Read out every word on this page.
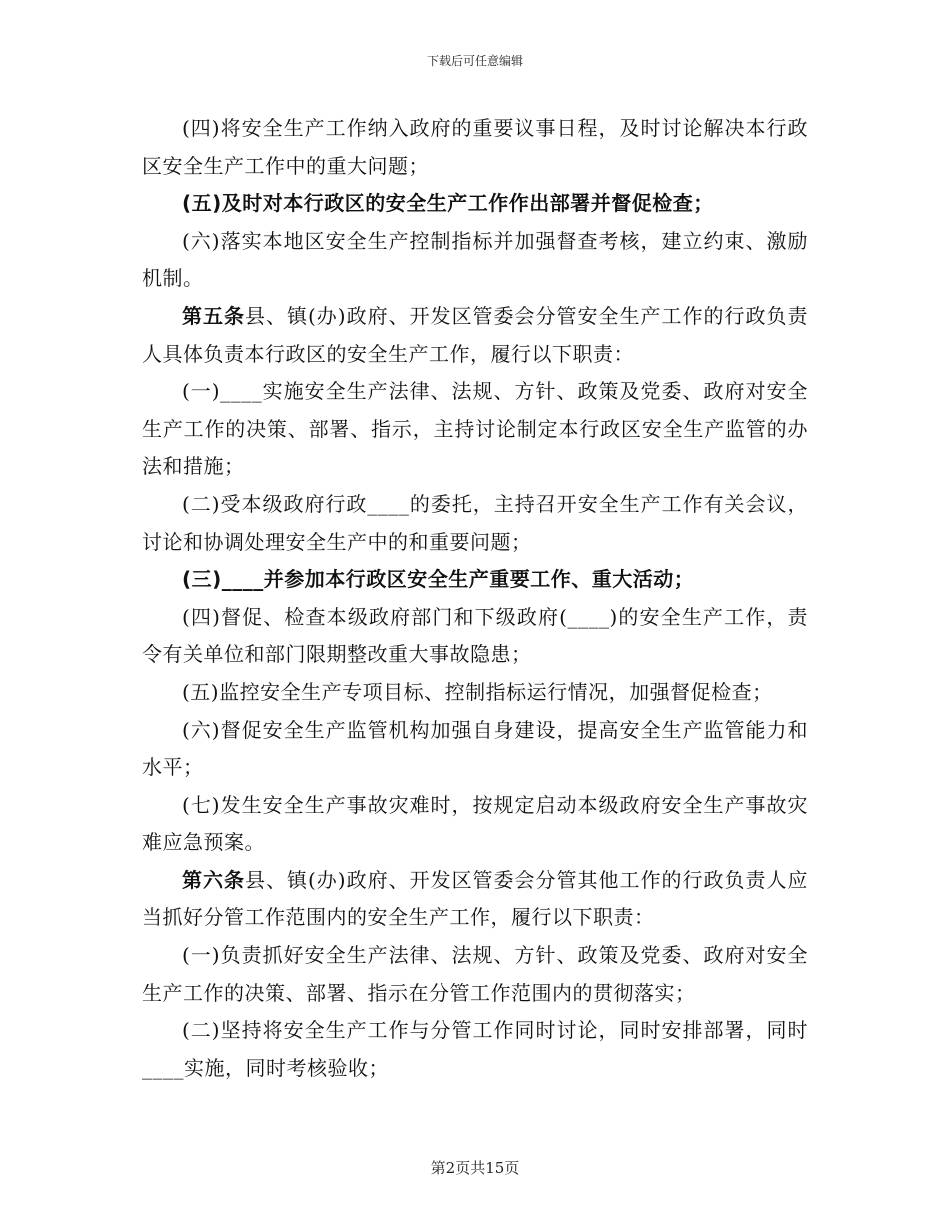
下载后可任意编辑

(四)将安全生产工作纳入政府的重要议事日程，及时讨论解决本行政区安全生产工作中的重大问题；

(五)及时对本行政区的安全生产工作作出部署并督促检查；

(六)落实本地区安全生产控制指标并加强督查考核，建立约束、激励机制。

第五条县、镇(办)政府、开发区管委会分管安全生产工作的行政负责人具体负责本行政区的安全生产工作，履行以下职责：

(一)____实施安全生产法律、法规、方针、政策及党委、政府对安全生产工作的决策、部署、指示，主持讨论制定本行政区安全生产监管的办法和措施；

(二)受本级政府行政____的委托，主持召开安全生产工作有关会议，讨论和协调处理安全生产中的和重要问题；

(三)____并参加本行政区安全生产重要工作、重大活动；

(四)督促、检查本级政府部门和下级政府(____)的安全生产工作，责令有关单位和部门限期整改重大事故隐患；

(五)监控安全生产专项目标、控制指标运行情况，加强督促检查；

(六)督促安全生产监管机构加强自身建设，提高安全生产监管能力和水平；

(七)发生安全生产事故灾难时，按规定启动本级政府安全生产事故灾难应急预案。

第六条县、镇(办)政府、开发区管委会分管其他工作的行政负责人应当抓好分管工作范围内的安全生产工作，履行以下职责：

(一)负责抓好安全生产法律、法规、方针、政策及党委、政府对安全生产工作的决策、部署、指示在分管工作范围内的贯彻落实；

(二)坚持将安全生产工作与分管工作同时讨论，同时安排部署，同时____实施，同时考核验收；

第2页共15页
